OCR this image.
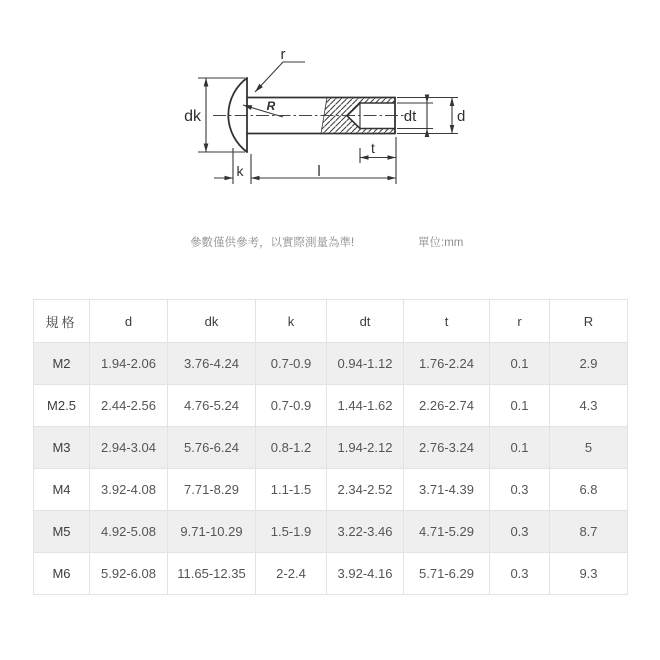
dk
r
R
k	l
t
dt	d
參數僅供參考，以實際測量為準!	單位:mm
規格	d	dk	k	dt	t	r	R
M2	1.94-2.06	3.76-4.24	0.7-0.9	0.94-1.12	1.76-2.24	0.1	2.9
M2.5	2.44-2.56	4.76-5.24	0.7-0.9	1.44-1.62	2.26-2.74	0.1	4.3
M3	2.94-3.04	5.76-6.24	0.8-1.2	1.94-2.12	2.76-3.24	0.1	5
M4	3.92-4.08	7.71-8.29	1.1-1.5	2.34-2.52	3.71-4.39	0.3	6.8
M5	4.92-5.08	9.71-10.29	1.5-1.9	3.22-3.46	4.71-5.29	0.3	8.7
M6	5.92-6.08	11.65-12.35	2-2.4	3.92-4.16	5.71-6.29	0.3	9.3
